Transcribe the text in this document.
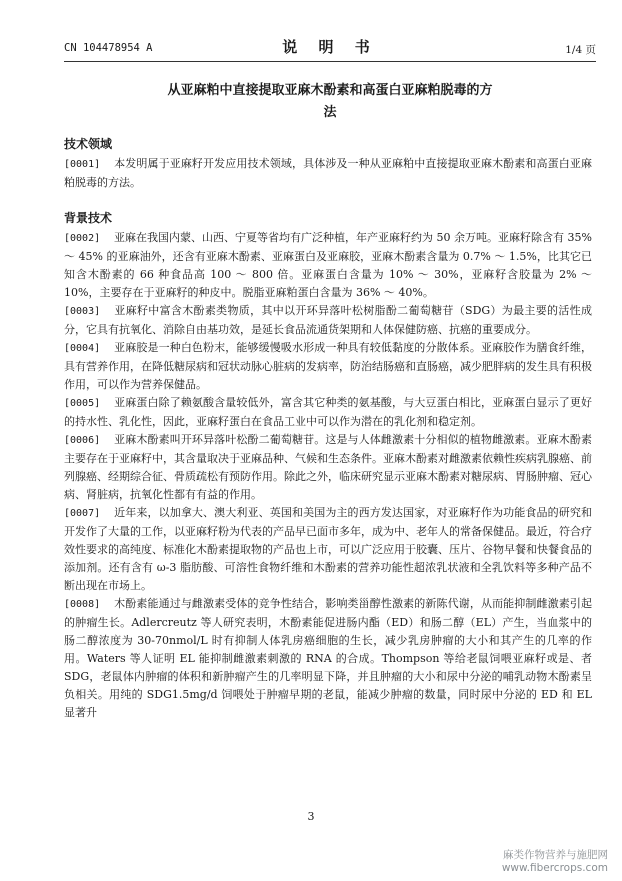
CN 104478954 A	说 明 书	1/4 页
从亚麻粕中直接提取亚麻木酚素和高蛋白亚麻粕脱毒的方
法
技术领域

[0001] 本发明属于亚麻籽开发应用技术领域，具体涉及一种从亚麻粕中直接提取亚麻木酚素和高蛋白亚麻粕脱毒的方法。

背景技术

[0002] 亚麻在我国内蒙、山西、宁夏等省均有广泛种植，年产亚麻籽约为 50 余万吨。亚麻籽除含有 35% ～ 45% 的亚麻油外，还含有亚麻木酚素、亚麻蛋白及亚麻胶，亚麻木酚素含量为 0.7% ～ 1.5%，比其它已知含木酚素的 66 种食品高 100 ～ 800 倍。亚麻蛋白含量为 10% ～ 30%，亚麻籽含胶量为 2% ～ 10%，主要存在于亚麻籽的种皮中。脱脂亚麻粕蛋白含量为 36% ～ 40%。

[0003] 亚麻籽中富含木酚素类物质，其中以开环异落叶松树脂酚二葡萄糖苷（SDG）为最主要的活性成分，它具有抗氧化、消除自由基功效，是延长食品流通货架期和人体保健防癌、抗癌的重要成分。

[0004] 亚麻胶是一种白色粉末，能够缓慢吸水形成一种具有较低黏度的分散体系。亚麻胶作为膳食纤维，具有营养作用，在降低糖尿病和冠状动脉心脏病的发病率，防治结肠癌和直肠癌，减少肥胖病的发生具有积极作用，可以作为营养保健品。

[0005] 亚麻蛋白除了赖氨酸含量较低外，富含其它种类的氨基酸，与大豆蛋白相比，亚麻蛋白显示了更好的持水性、乳化性，因此，亚麻籽蛋白在食品工业中可以作为潜在的乳化剂和稳定剂。

[0006] 亚麻木酚素叫开环异落叶松酚二葡萄糖苷。这是与人体雌激素十分相似的植物雌激素。亚麻木酚素主要存在于亚麻籽中，其含量取决于亚麻品种、气候和生态条件。亚麻木酚素对雌激素依赖性疾病乳腺癌、前列腺癌、经期综合征、骨质疏松有预防作用。除此之外，临床研究显示亚麻木酚素对糖尿病、胃肠肿瘤、冠心病、肾脏病，抗氧化性都有有益的作用。

[0007] 近年来，以加拿大、澳大利亚、英国和美国为主的西方发达国家，对亚麻籽作为功能食品的研究和开发作了大量的工作，以亚麻籽粉为代表的产品早已面市多年，成为中、老年人的常备保健品。最近，符合疗效性要求的高纯度、标准化木酚素提取物的产品也上市，可以广泛应用于胶囊、压片、谷物早餐和快餐食品的添加剂。还有含有 ω-3 脂肪酸、可溶性食物纤维和木酚素的营养功能性超浓乳状液和全乳饮料等多种产品不断出现在市场上。

[0008] 木酚素能通过与雌激素受体的竞争性结合，影响类甾醇性激素的新陈代谢，从而能抑制雌激素引起的肿瘤生长。Adlercreutz 等人研究表明，木酚素能促进肠内酯（ED）和肠二醇（EL）产生，当血浆中的肠二醇浓度为 30-70nmol/L 时有抑制人体乳房癌细胞的生长，减少乳房肿瘤的大小和其产生的几率的作用。Waters 等人证明 EL 能抑制雌激素刺激的 RNA 的合成。Thompson 等给老鼠饲喂亚麻籽或是、者 SDG，老鼠体内肿瘤的体积和新肿瘤产生的几率明显下降，并且肿瘤的大小和尿中分泌的哺乳动物木酚素呈负相关。用纯的 SDG1.5mg/d 饲喂处于肿瘤早期的老鼠，能减少肿瘤的数量，同时尿中分泌的 ED 和 EL 显著升

3
麻类作物营养与施肥网
www.fibercrops.com
